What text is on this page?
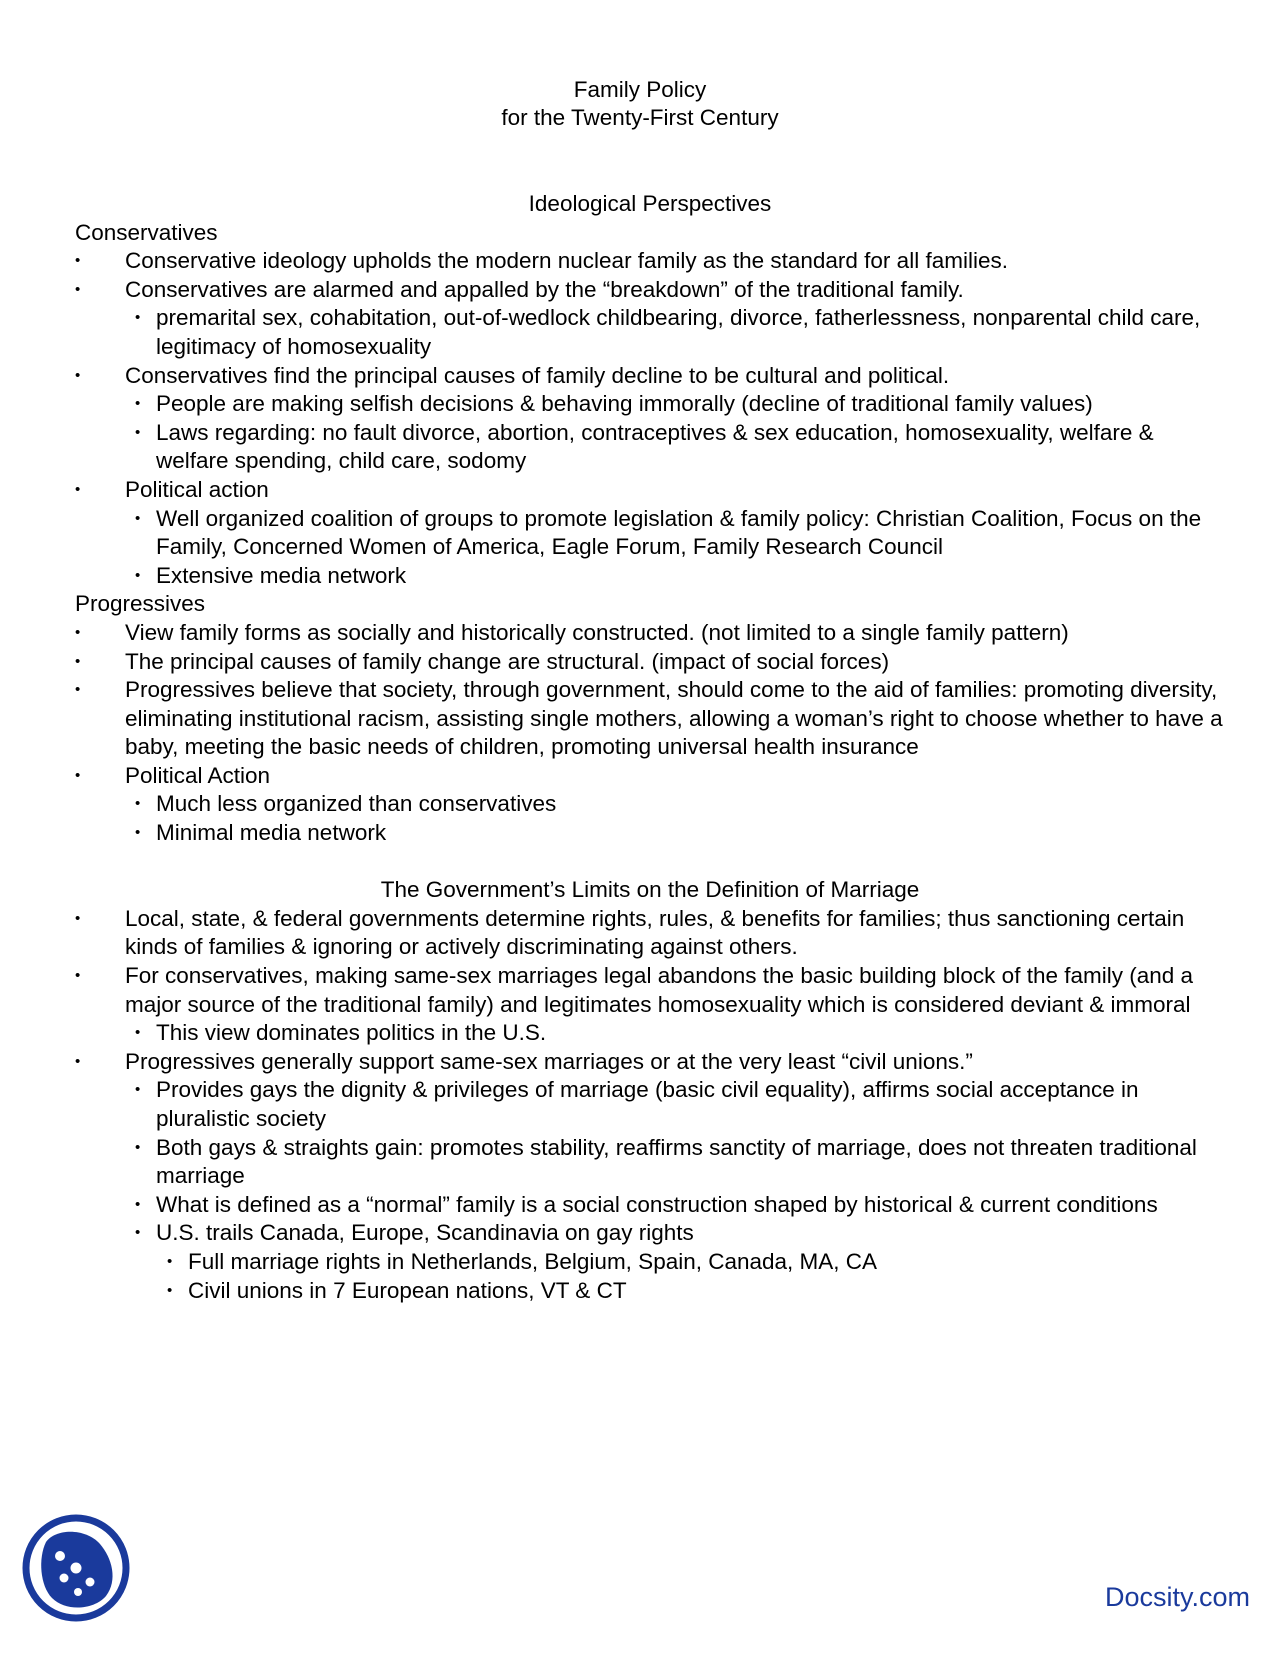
Family Policy
for the Twenty-First Century
Ideological Perspectives
Conservatives
• Conservative ideology upholds the modern nuclear family as the standard for all families.
• Conservatives are alarmed and appalled by the “breakdown” of the traditional family.
• premarital sex, cohabitation, out-of-wedlock childbearing, divorce, fatherlessness, nonparental child care, legitimacy of homosexuality
• Conservatives find the principal causes of family decline to be cultural and political.
• People are making selfish decisions & behaving immorally (decline of traditional family values)
• Laws regarding: no fault divorce, abortion, contraceptives & sex education, homosexuality, welfare & welfare spending, child care, sodomy
• Political action
• Well organized coalition of groups to promote legislation & family policy: Christian Coalition, Focus on the Family, Concerned Women of America, Eagle Forum, Family Research Council
• Extensive media network
Progressives
• View family forms as socially and historically constructed. (not limited to a single family pattern)
• The principal causes of family change are structural. (impact of social forces)
• Progressives believe that society, through government, should come to the aid of families: promoting diversity, eliminating institutional racism, assisting single mothers, allowing a woman’s right to choose whether to have a baby, meeting the basic needs of children, promoting universal health insurance
• Political Action
• Much less organized than conservatives
• Minimal media network
The Government’s Limits on the Definition of Marriage
• Local, state, & federal governments determine rights, rules, & benefits for families; thus sanctioning certain kinds of families & ignoring or actively discriminating against others.
• For conservatives, making same-sex marriages legal abandons the basic building block of the family (and a major source of the traditional family) and legitimates homosexuality which is considered deviant & immoral
• This view dominates politics in the U.S.
• Progressives generally support same-sex marriages or at the very least “civil unions.”
• Provides gays the dignity & privileges of marriage (basic civil equality), affirms social acceptance in pluralistic society
• Both gays & straights gain: promotes stability, reaffirms sanctity of marriage, does not threaten traditional marriage
• What is defined as a “normal” family is a social construction shaped by historical & current conditions
• U.S. trails Canada, Europe, Scandinavia on gay rights
• Full marriage rights in Netherlands, Belgium, Spain, Canada, MA, CA
• Civil unions in 7 European nations, VT & CT
Docsity.com
